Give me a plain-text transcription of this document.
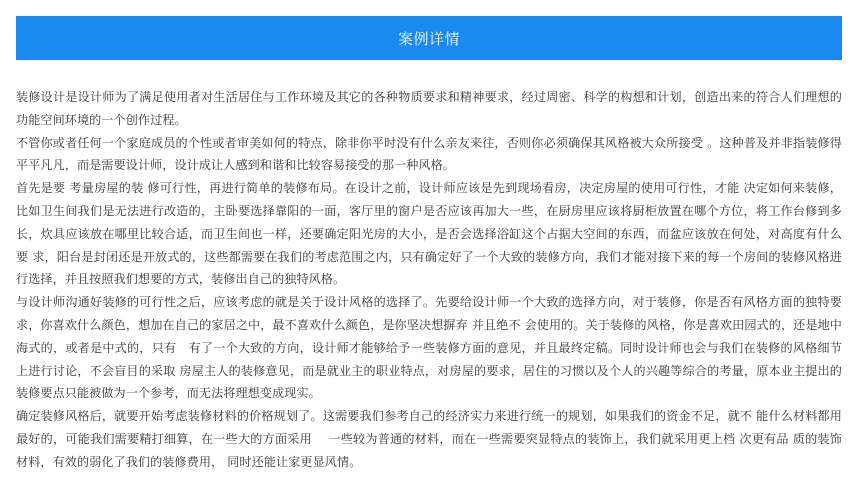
案例详情

装修设计是设计师为了满足使用者对生活居住与工作环境及其它的各种物质要求和精神要求，经过周密、科学的构想和计划，创造出来的符合人们理想的功能空间环境的一个创作过程。

不管你或者任何一个家庭成员的个性或者审美如何的特点，除非你平时没有什么亲友来往，否则你必须确保其风格被大众所接受 。这种普及并非指装修得平平凡凡，而是需要设计师，设计成让人感到和谐和比较容易接受的那一种风格。

首先是要 考量房屋的装 修可行性，再进行简单的装修布局。在设计之前，设计师应该是先到现场看房，决定房屋的使用可行性，才能 决定如何来装修，比如卫生间我们是无法进行改造的，主卧要选择靠阳的一面，客厅里的窗户是否应该再加大一些，在厨房里应该将厨柜放置在哪个方位，将工作台修到多长，炊具应该放在哪里比较合适，而卫生间也一样，还要确定阳光房的大小，是否会选择浴缸这个占据大空间的东西，而盆应该放在何处，对高度有什么要 求，阳台是封闭还是开放式的，这些都需要在我们的考虑范围之内，只有确定好了一个大致的装修方向，我们才能对接下来的每一个房间的装修风格进行选择，并且按照我们想要的方式，装修出自己的独特风格。

与设计师沟通好装修的可行性之后，应该考虑的就是关于设计风格的选择了。先要给设计师一个大致的选择方向，对于装修，你是否有风格方面的独特要求，你喜欢什么颜色，想加在自己的家居之中，最不喜欢什么颜色，是你坚决想摒弃 并且绝不 会使用的。关于装修的风格，你是喜欢田园式的，还是地中海式的，或者是中式的，只有　有了一个大致的方向，设计师才能够给予一些装修方面的意见，并且最终定稿。同时设计师也会与我们在装修的风格细节上进行讨论，不会盲目的采取 房屋主人的装修意见，而是就业主的职业特点，对房屋的要求，居住的习惯以及个人的兴趣等综合的考量，原本业主提出的装修要点只能被做为一个参考，而无法将理想变成现实。

确定装修风格后，就要开始考虑装修材料的价格规划了。这需要我们参考自己的经济实力来进行统一的规划，如果我们的资金不足，就不 能什么材料都用最好的，可能我们需要精打细算，在一些大的方面采用　 一些较为普通的材料，而在一些需要突显特点的装饰上，我们就采用更上档 次更有品 质的装饰材料，有效的弱化了我们的装修费用， 同时还能让家更显风情。
